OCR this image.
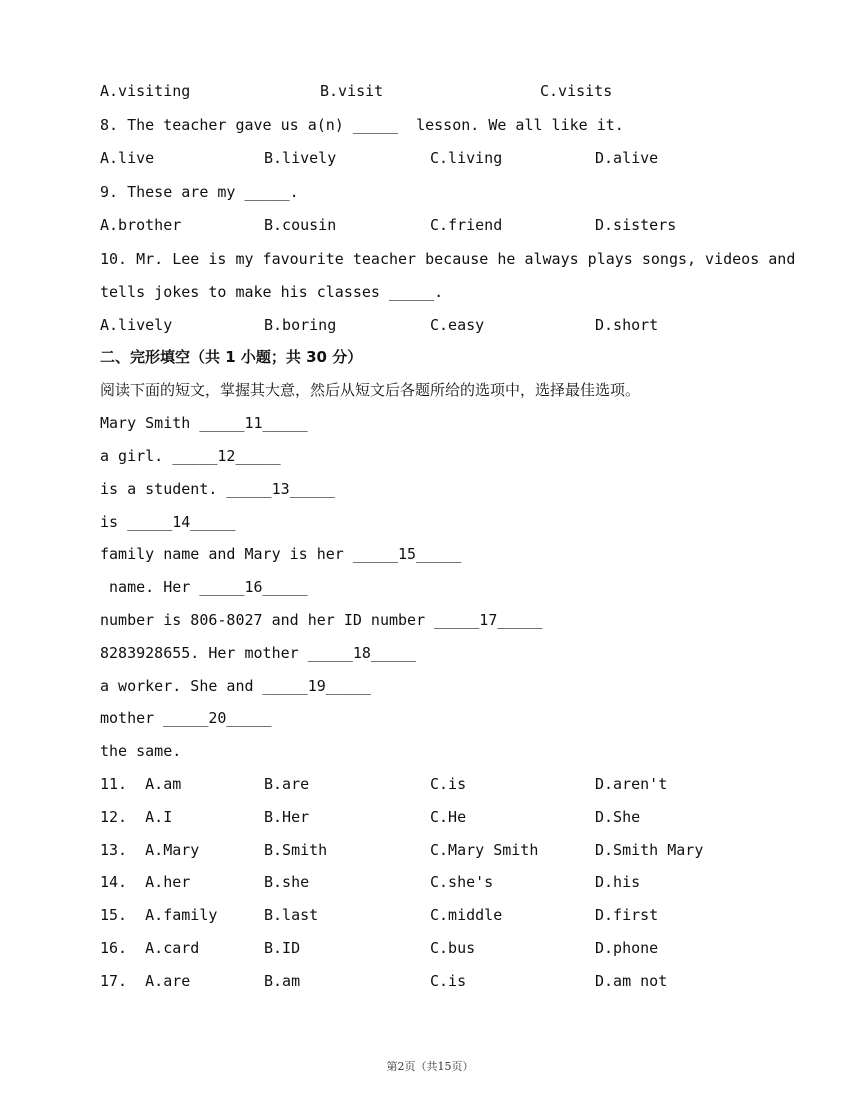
A.visiting	B.visit	C.visits
8. The teacher gave us a(n) _____  lesson. We all like it.
A.live	B.lively	C.living	D.alive
9. These are my _____.
A.brother	B.cousin	C.friend	D.sisters
10. Mr. Lee is my favourite teacher because he always plays songs, videos and
tells jokes to make his classes _____.
A.lively	B.boring	C.easy	D.short
二、完形填空（共 1 小题；共 30 分）
阅读下面的短文，掌握其大意，然后从短文后各题所给的选项中，选择最佳选项。
Mary Smith _____11_____
a girl. _____12_____
is a student. _____13_____
is _____14_____
family name and Mary is her _____15_____
name. Her _____16_____
number is 806-8027 and her ID number _____17_____
8283928655. Her mother _____18_____
a worker. She and _____19_____
mother _____20_____
the same.
11. A.am	B.are	C.is	D.aren't
12. A.I	B.Her	C.He	D.She
13. A.Mary	B.Smith	C.Mary Smith	D.Smith Mary
14. A.her	B.she	C.she's	D.his
15. A.family	B.last	C.middle	D.first
16. A.card	B.ID	C.bus	D.phone
17. A.are	B.am	C.is	D.am not
第2页（共15页）
